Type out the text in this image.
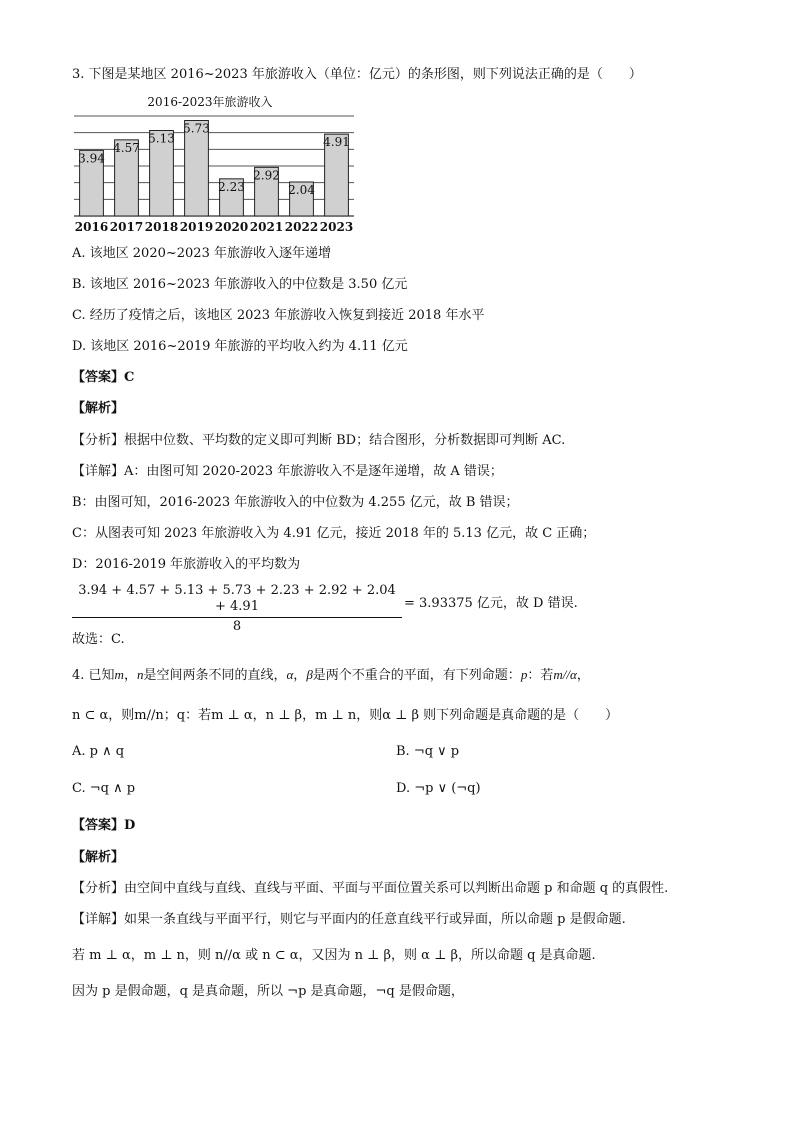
3. 下图是某地区 2016~2023 年旅游收入（单位：亿元）的条形图，则下列说法正确的是（　　）
2016-2023年旅游收入
3.94
4.57
5.13
5.73
2.23
2.92
2.04
4.91
2016 2017 2018 2019 2020 2021 2022 2023
A. 该地区 2020~2023 年旅游收入逐年递增
B. 该地区 2016~2023 年旅游收入的中位数是 3.50 亿元
C. 经历了疫情之后，该地区 2023 年旅游收入恢复到接近 2018 年水平
D. 该地区 2016~2019 年旅游的平均收入约为 4.11 亿元
【答案】C
【解析】
【分析】根据中位数、平均数的定义即可判断 BD；结合图形，分析数据即可判断 AC.
【详解】A：由图可知 2020-2023 年旅游收入不是逐年递增，故 A 错误；
B：由图可知，2016-2023 年旅游收入的中位数为 4.255 亿元，故 B 错误；
C：从图表可知 2023 年旅游收入为 4.91 亿元，接近 2018 年的 5.13 亿元，故 C 正确；
D：2016-2019 年旅游收入的平均数为
3.94 + 4.57 + 5.13 + 5.73 + 2.23 + 2.92 + 2.04 + 4.91
8
= 3.93375 亿元，故 D 错误.
故选：C.
4. 已知m，n是空间两条不同的直线，α，β是两个不重合的平面，有下列命题：p：若m//α，
n ⊂ α，则m//n；q：若m ⊥ α，n ⊥ β，m ⊥ n，则α ⊥ β 则下列命题是真命题的是（　　）
A. p ∧ q	B. ¬q ∨ p
C. ¬q ∧ p	D. ¬p ∨ (¬q)
【答案】D
【解析】
【分析】由空间中直线与直线、直线与平面、平面与平面位置关系可以判断出命题 p 和命题 q 的真假性.
【详解】如果一条直线与平面平行，则它与平面内的任意直线平行或异面，所以命题 p 是假命题.
若 m ⊥ α，m ⊥ n，则 n//α 或 n ⊂ α，又因为 n ⊥ β，则 α ⊥ β，所以命题 q 是真命题.
因为 p 是假命题，q 是真命题，所以 ¬p 是真命题，¬q 是假命题，
